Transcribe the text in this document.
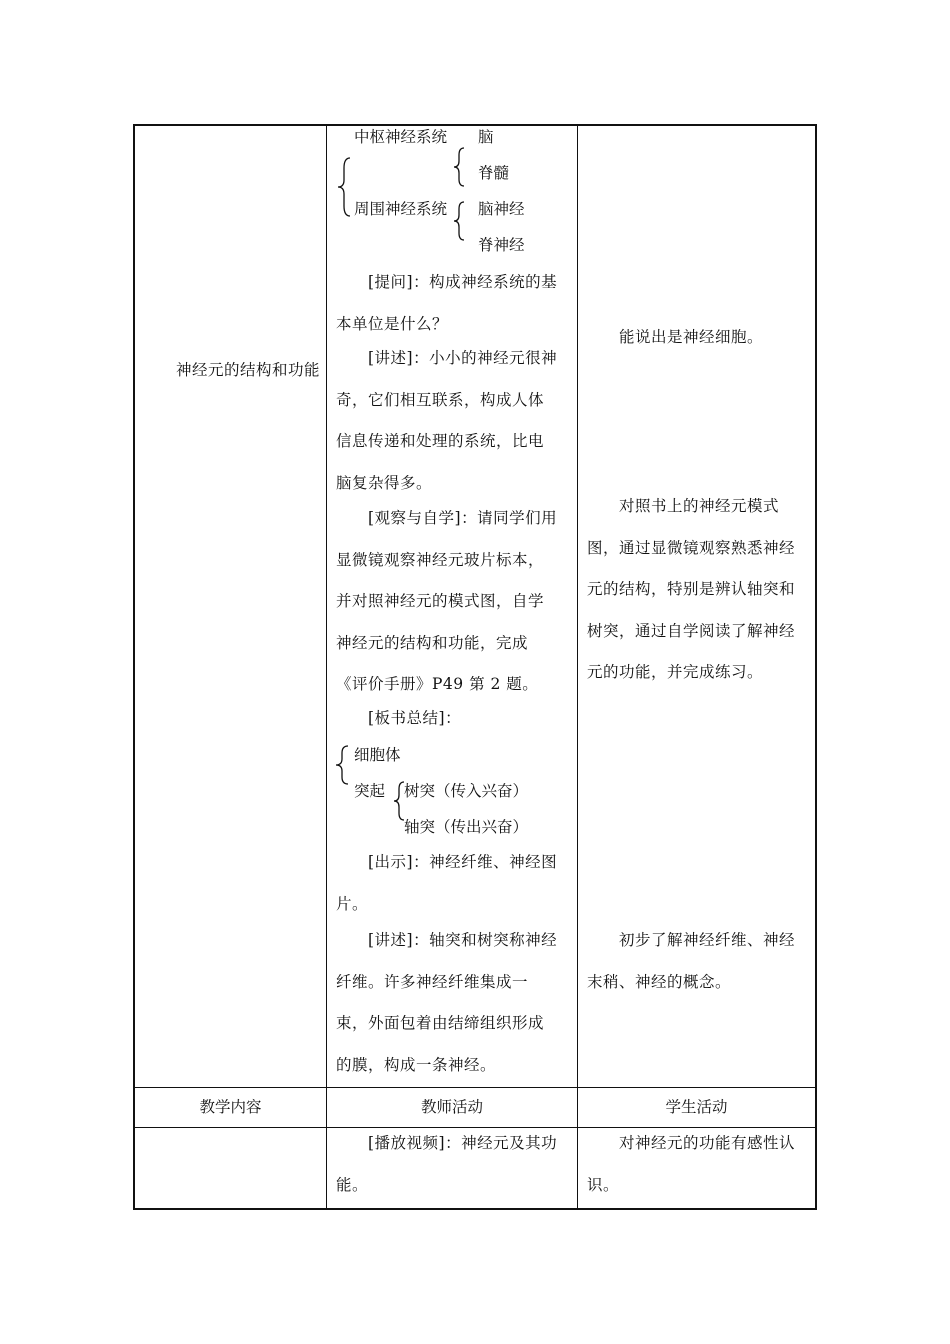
神经元的结构和功能
中枢神经系统 脑
脊髓
周围神经系统 脑神经
脊神经
[提问]：构成神经系统的基本单位是什么？
[讲述]：小小的神经元很神奇，它们相互联系，构成人体信息传递和处理的系统，比电脑复杂得多。
[观察与自学]：请同学们用显微镜观察神经元玻片标本，并对照神经元的模式图，自学神经元的结构和功能，完成《评价手册》P49 第 2 题。
[板书总结]：
细胞体
突起 树突（传入兴奋）
轴突（传出兴奋）
[出示]：神经纤维、神经图片。
[讲述]：轴突和树突称神经纤维。许多神经纤维集成一束，外面包着由结缔组织形成的膜，构成一条神经。
能说出是神经细胞。
对照书上的神经元模式图，通过显微镜观察熟悉神经元的结构，特别是辨认轴突和树突，通过自学阅读了解神经元的功能，并完成练习。
初步了解神经纤维、神经末稍、神经的概念。
教学内容	教师活动	学生活动
[播放视频]：神经元及其功能。
对神经元的功能有感性认识。
